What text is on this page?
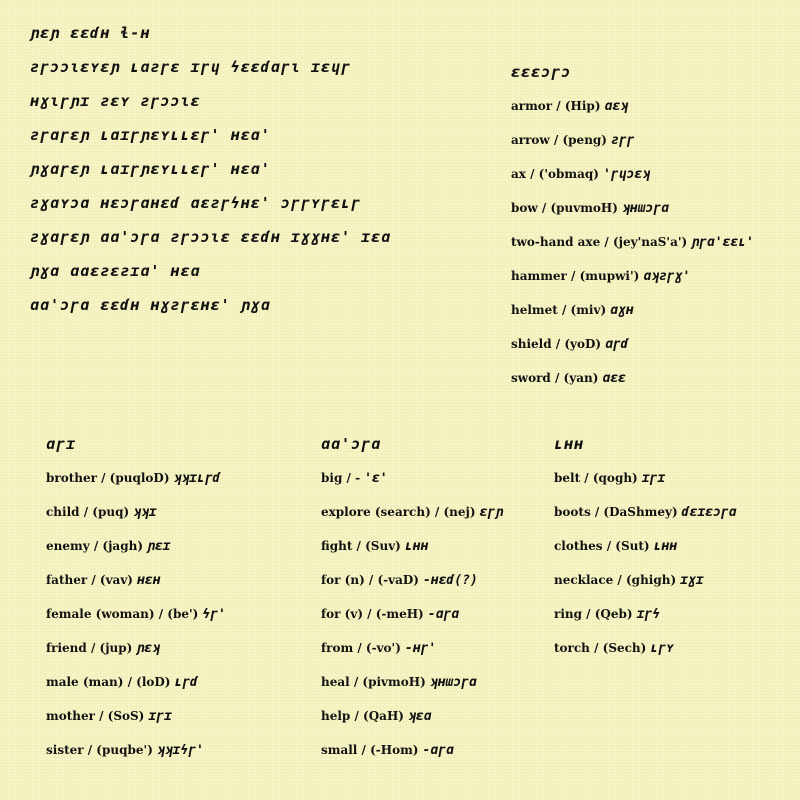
ɲɛɲ ɛɛɗʜ ɬ-ʜ
ƨɼɔɔɩɛʏɛɲ ʟɑƨɼɛ ɪɼɥ ϟɛɛɗɑɼɩ ɪɛɥɼ
ʜɣɩɼɲɪ ƨɛʏ ƨɼɔɔɩɛ
ƨɼɑɼɛɲ ʟɑɪɼɲɛʏʟʟɛɼ' ʜɛɑ'
ɲɣɑɼɛɲ ʟɑɪɼɲɛʏʟʟɛɼ' ʜɛɑ'
ƨɣɑʏɔɑ ʜɛɔɼɑʜɛɗ ɑɛƨɼϟʜɛ' ɔɼɼʏɼɛʟɼ
ƨɣɑɼɛɲ ɑɑ'ɔɼɑ ƨɼɔɔɩɛ ɛɛɗʜ ɪɣɣʜɛ' ɪɛɑ
ɲɣɑ ɑɑɛƨɛƨɪɑ' ʜɛɑ
ɑɑ'ɔɼɑ ɛɛɗʜ ʜɣƨɼɛʜɛ' ɲɣɑ
ɛɛɛɔɼɔ
armor / (Hip) ɑɛʞ
arrow / (peng) ƨɼɼ
ax / ('obmaq) 'ɼɥɔɛʞ
bow / (puvmoH) ʞʜɯɔɼɑ
two-hand axe / (jey'naS'a') ɲɼɑ'ɛɛʟ'
hammer / (mupwi') ɑʞƨɼɣ'
helmet / (miv) ɑɣʜ
shield / (yoD) ɑɼɗ
sword / (yan) ɑɛɛ
ɑɼɪ
brother / (puqloD) ʞʞɪʟɼɗ
child / (puq) ʞʞɪ
enemy / (jagh) ɲɛɪ
father / (vav) ʜɛʜ
female (woman) / (be') ϟɼ'
friend / (jup) ɲɛʞ
male (man) / (loD) ʟɼɗ
mother / (SoS) ɪɼɪ
sister / (puqbe') ʞʞɪϟɼ'
ɑɑ'ɔɼɑ
big / - 'ɛ'
explore (search) / (nej) ɛɼɲ
fight / (Suv) ʟʜʜ
for (n) / (-vaD) -ʜɛɗ(?)
for (v) / (-meH) -ɑɼɑ
from / (-vo') -ʜɼ'
heal / (pivmoH) ʞʜɯɔɼɑ
help / (QaH) ʞɛɑ
small / (-Hom) -ɑɼɑ
ʟʜʜ
belt / (qogh) ɪɼɪ
boots / (DaShmey) ɗɛɪɛɔɼɑ
clothes / (Sut) ʟʜʜ
necklace / (ghigh) ɪɣɪ
ring / (Qeb) ɪɼϟ
torch / (Sech) ʟɼʏ
